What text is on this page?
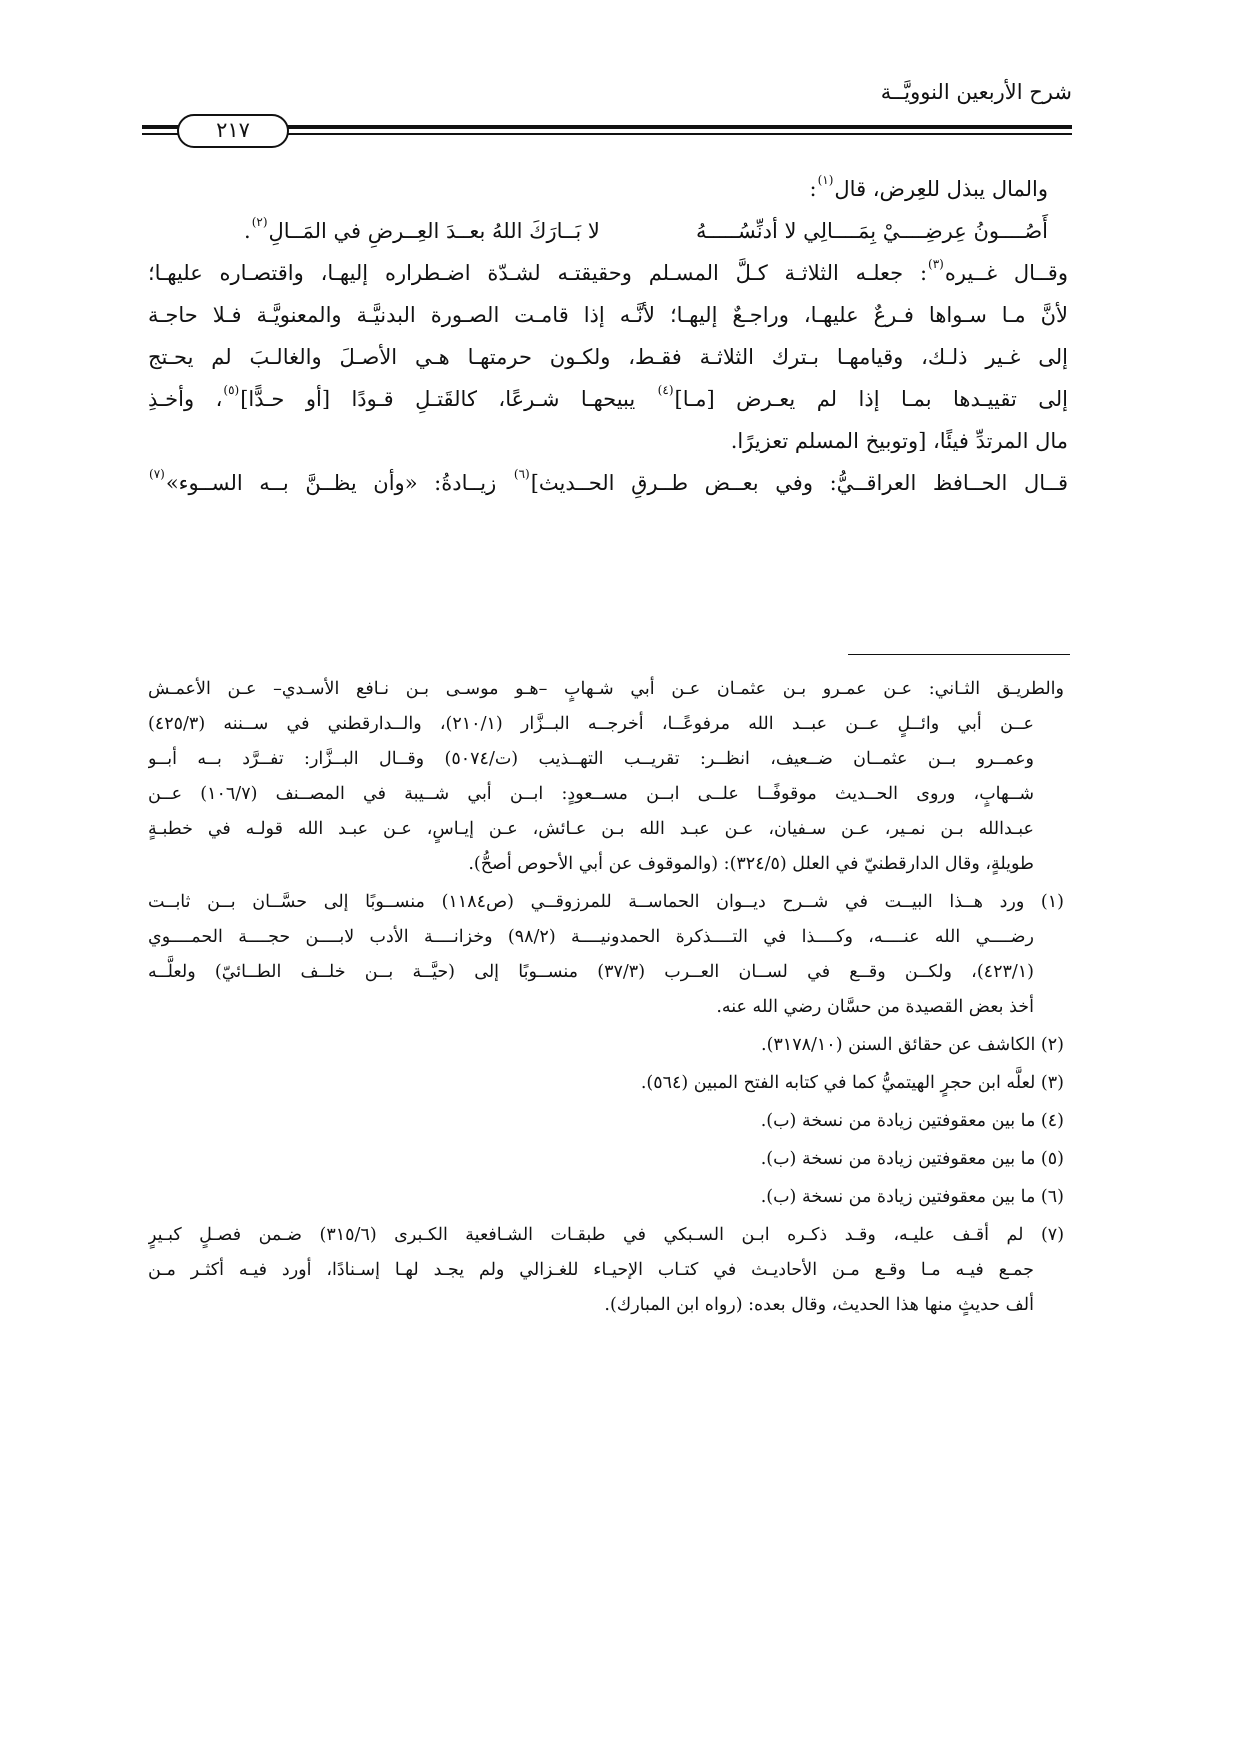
شرح الأربعين النوويَّــة
٢١٧
والمال يبذل للعِرض، قال$^{(١)}$:
أَصُــــونُ عِرضِــــيْ بِمَــــالِي لا أدنِّسُـــــهُ
لا بَــارَكَ اللهُ بعــدَ العِــرضِ في المَــالِ$^{(٢)}$.
وقــال غــيره$^{(٣)}$: جعلـه الثلاثـة كـلَّ المسـلم وحقيقتـه لشـدّة اضـطراره إليهـا، واقتصـاره عليهـا؛
لأنَّ مـا سـواها فـرعٌ عليهـا، وراجـعٌ إليهـا؛ لأنَّـه إذا قامـت الصـورة البدنيَّـة والمعنويَّـة فـلا حاجـة
إلى غـير ذلـك، وقيامهـا بـترك الثلاثـة فقـط، ولكـون حرمتهـا هـي الأصـلَ والغالـبَ لم يحـتج
إلى تقييـدها بمـا إذا لم يعـرض [مـا]$^{(٤)}$ يبيحهـا شـرعًا، كالقَتـلِ قـودًا [أو حـدًّا]$^{(٥)}$، وأخـذِ
مال المرتدِّ فيئًا، [وتوبيخ المسلم تعزيرًا.
قــال الحــافظ العراقــيُّ: وفي بعــض طــرقِ الحــديث]$^{(٦)}$ زيــادةُ: «وأن يظــنَّ بــه الســوء»$^{(٧)}$
والطريـق الثـاني: عـن عمـرو بـن عثمـان عـن أبي شـهابٍ –هـو موسـى بـن نـافع الأسـدي– عـن الأعمـش
عــن أبي وائــلٍ عــن عبــد الله مرفوعًــا، أخرجــه البــزَّار (٢١٠/١)، والــدارقطني في ســننه (٤٢٥/٣)
وعمــرو بــن عثمــان ضــعيف، انظــر: تقريــب التهــذيب (ت/٥٠٧٤) وقــال البــزَّار: تفــرَّد بــه أبــو
شــهابٍ، وروى الحــديث موقوفًــا علــى ابــن مســعودٍ: ابــن أبي شــيبة في المصــنف (١٠٦/٧) عــن
عبـدالله بـن نمـير، عـن سـفيان، عـن عبـد الله بـن عـائش، عـن إيـاسٍ، عـن عبـد الله قولـه في خطبـةٍ
طويلةٍ، وقال الدارقطنيّ في العلل (٣٢٤/٥): (والموقوف عن أبي الأحوص أصحُّ).
(١) ورد هــذا البيــت في شــرح ديــوان الحماســة للمرزوقــي (ص١١٨٤) منســوبًا إلى حسَّــان بــن ثابــت
رضــــي الله عنــــه، وكــــذا في التــــذكرة الحمدونيــــة (٩٨/٢) وخزانــــة الأدب لابــــن حجــــة الحمــــوي
(٤٢٣/١)، ولكــن وقــع في لســان العــرب (٣٧/٣) منســوبًا إلى (حيَّــة بــن خلــف الطــائيّ) ولعلَّــه
أخذ بعض القصيدة من حسَّان رضي الله عنه.
(٢) الكاشف عن حقائق السنن (٣١٧٨/١٠).
(٣) لعلَّه ابن حجرٍ الهيتميُّ كما في كتابه الفتح المبين (٥٦٤).
(٤) ما بين معقوفتين زيادة من نسخة (ب).
(٥) ما بين معقوفتين زيادة من نسخة (ب).
(٦) ما بين معقوفتين زيادة من نسخة (ب).
(٧) لم أقـف عليـه، وقـد ذكـره ابـن السـبكي في طبقـات الشـافعية الكـبرى (٣١٥/٦) ضـمن فصـلٍ كبـيرٍ
جمـع فيـه مـا وقـع مـن الأحاديـث في كتـاب الإحيـاء للغـزالي ولم يجـد لهـا إسـنادًا، أورد فيـه أكثـر مـن
ألف حديثٍ منها هذا الحديث، وقال بعده: (رواه ابن المبارك).
